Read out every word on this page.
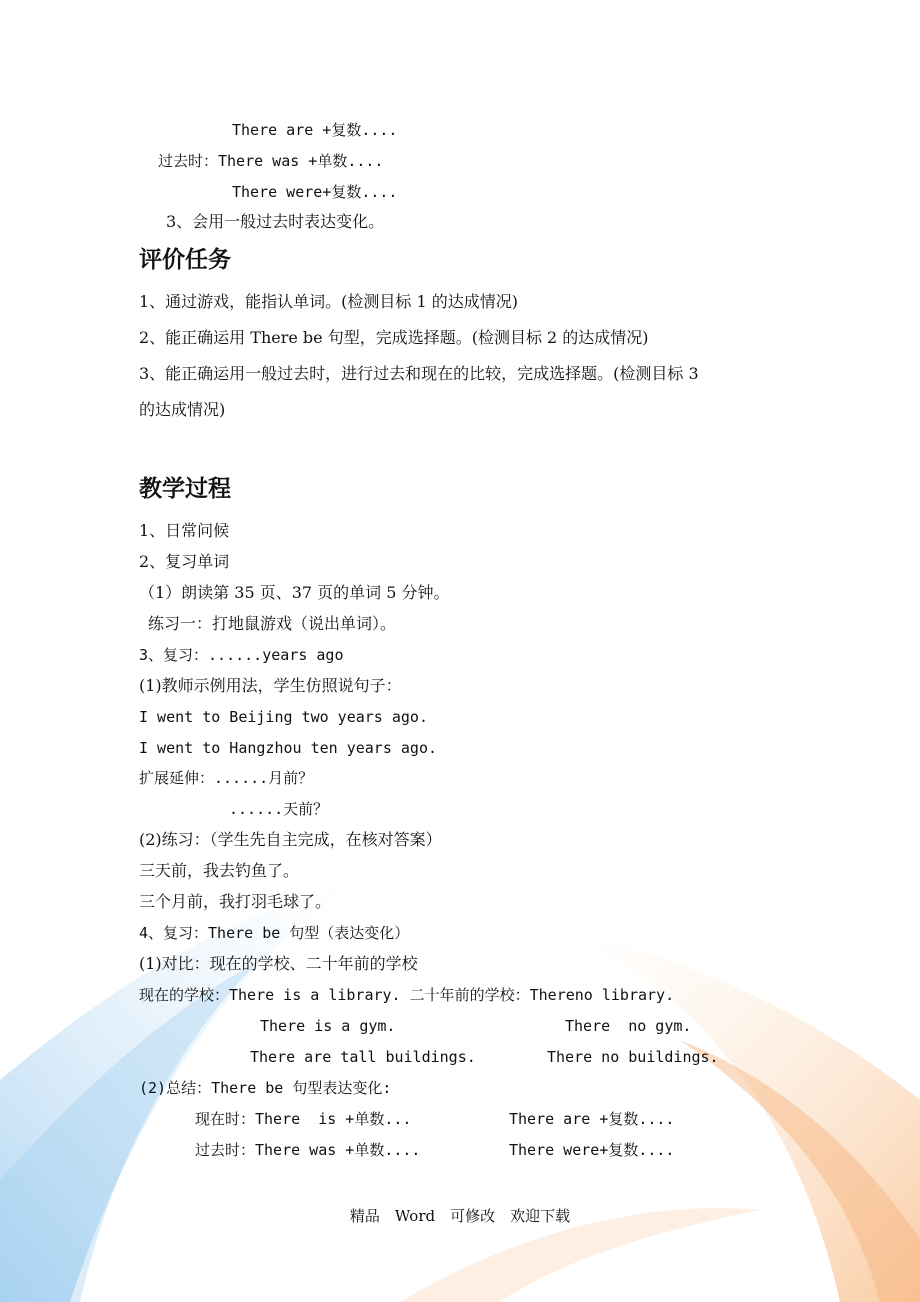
There are +复数....
过去时：There was +单数....
There were+复数....
3、会用一般过去时表达变化。
评价任务
1、通过游戏，能指认单词。(检测目标 1 的达成情况)
2、能正确运用 There be 句型，完成选择题。(检测目标 2 的达成情况)
3、能正确运用一般过去时，进行过去和现在的比较，完成选择题。(检测目标 3
的达成情况)
教学过程
1、日常问候
2、复习单词
（1）朗读第 35 页、37 页的单词 5 分钟。
练习一：打地鼠游戏（说出单词）。
3、复习：......years ago
(1)教师示例用法，学生仿照说句子：
I went to Beijing two years ago.
I went to Hangzhou ten years ago.
扩展延伸：......月前？
......天前？
(2)练习：（学生先自主完成，在核对答案）
三天前，我去钓鱼了。
三个月前，我打羽毛球了。
4、复习：There be 句型（表达变化）
(1)对比：现在的学校、二十年前的学校
现在的学校：There is a library. 二十年前的学校：Thereno library.
There is a gym.	There  no gym.
There are tall buildings.	There no buildings.
(2)总结：There be 句型表达变化:
现在时：There  is +单数...	There are +复数....
过去时：There was +单数....	There were+复数....
精品　Word　可修改　欢迎下载
